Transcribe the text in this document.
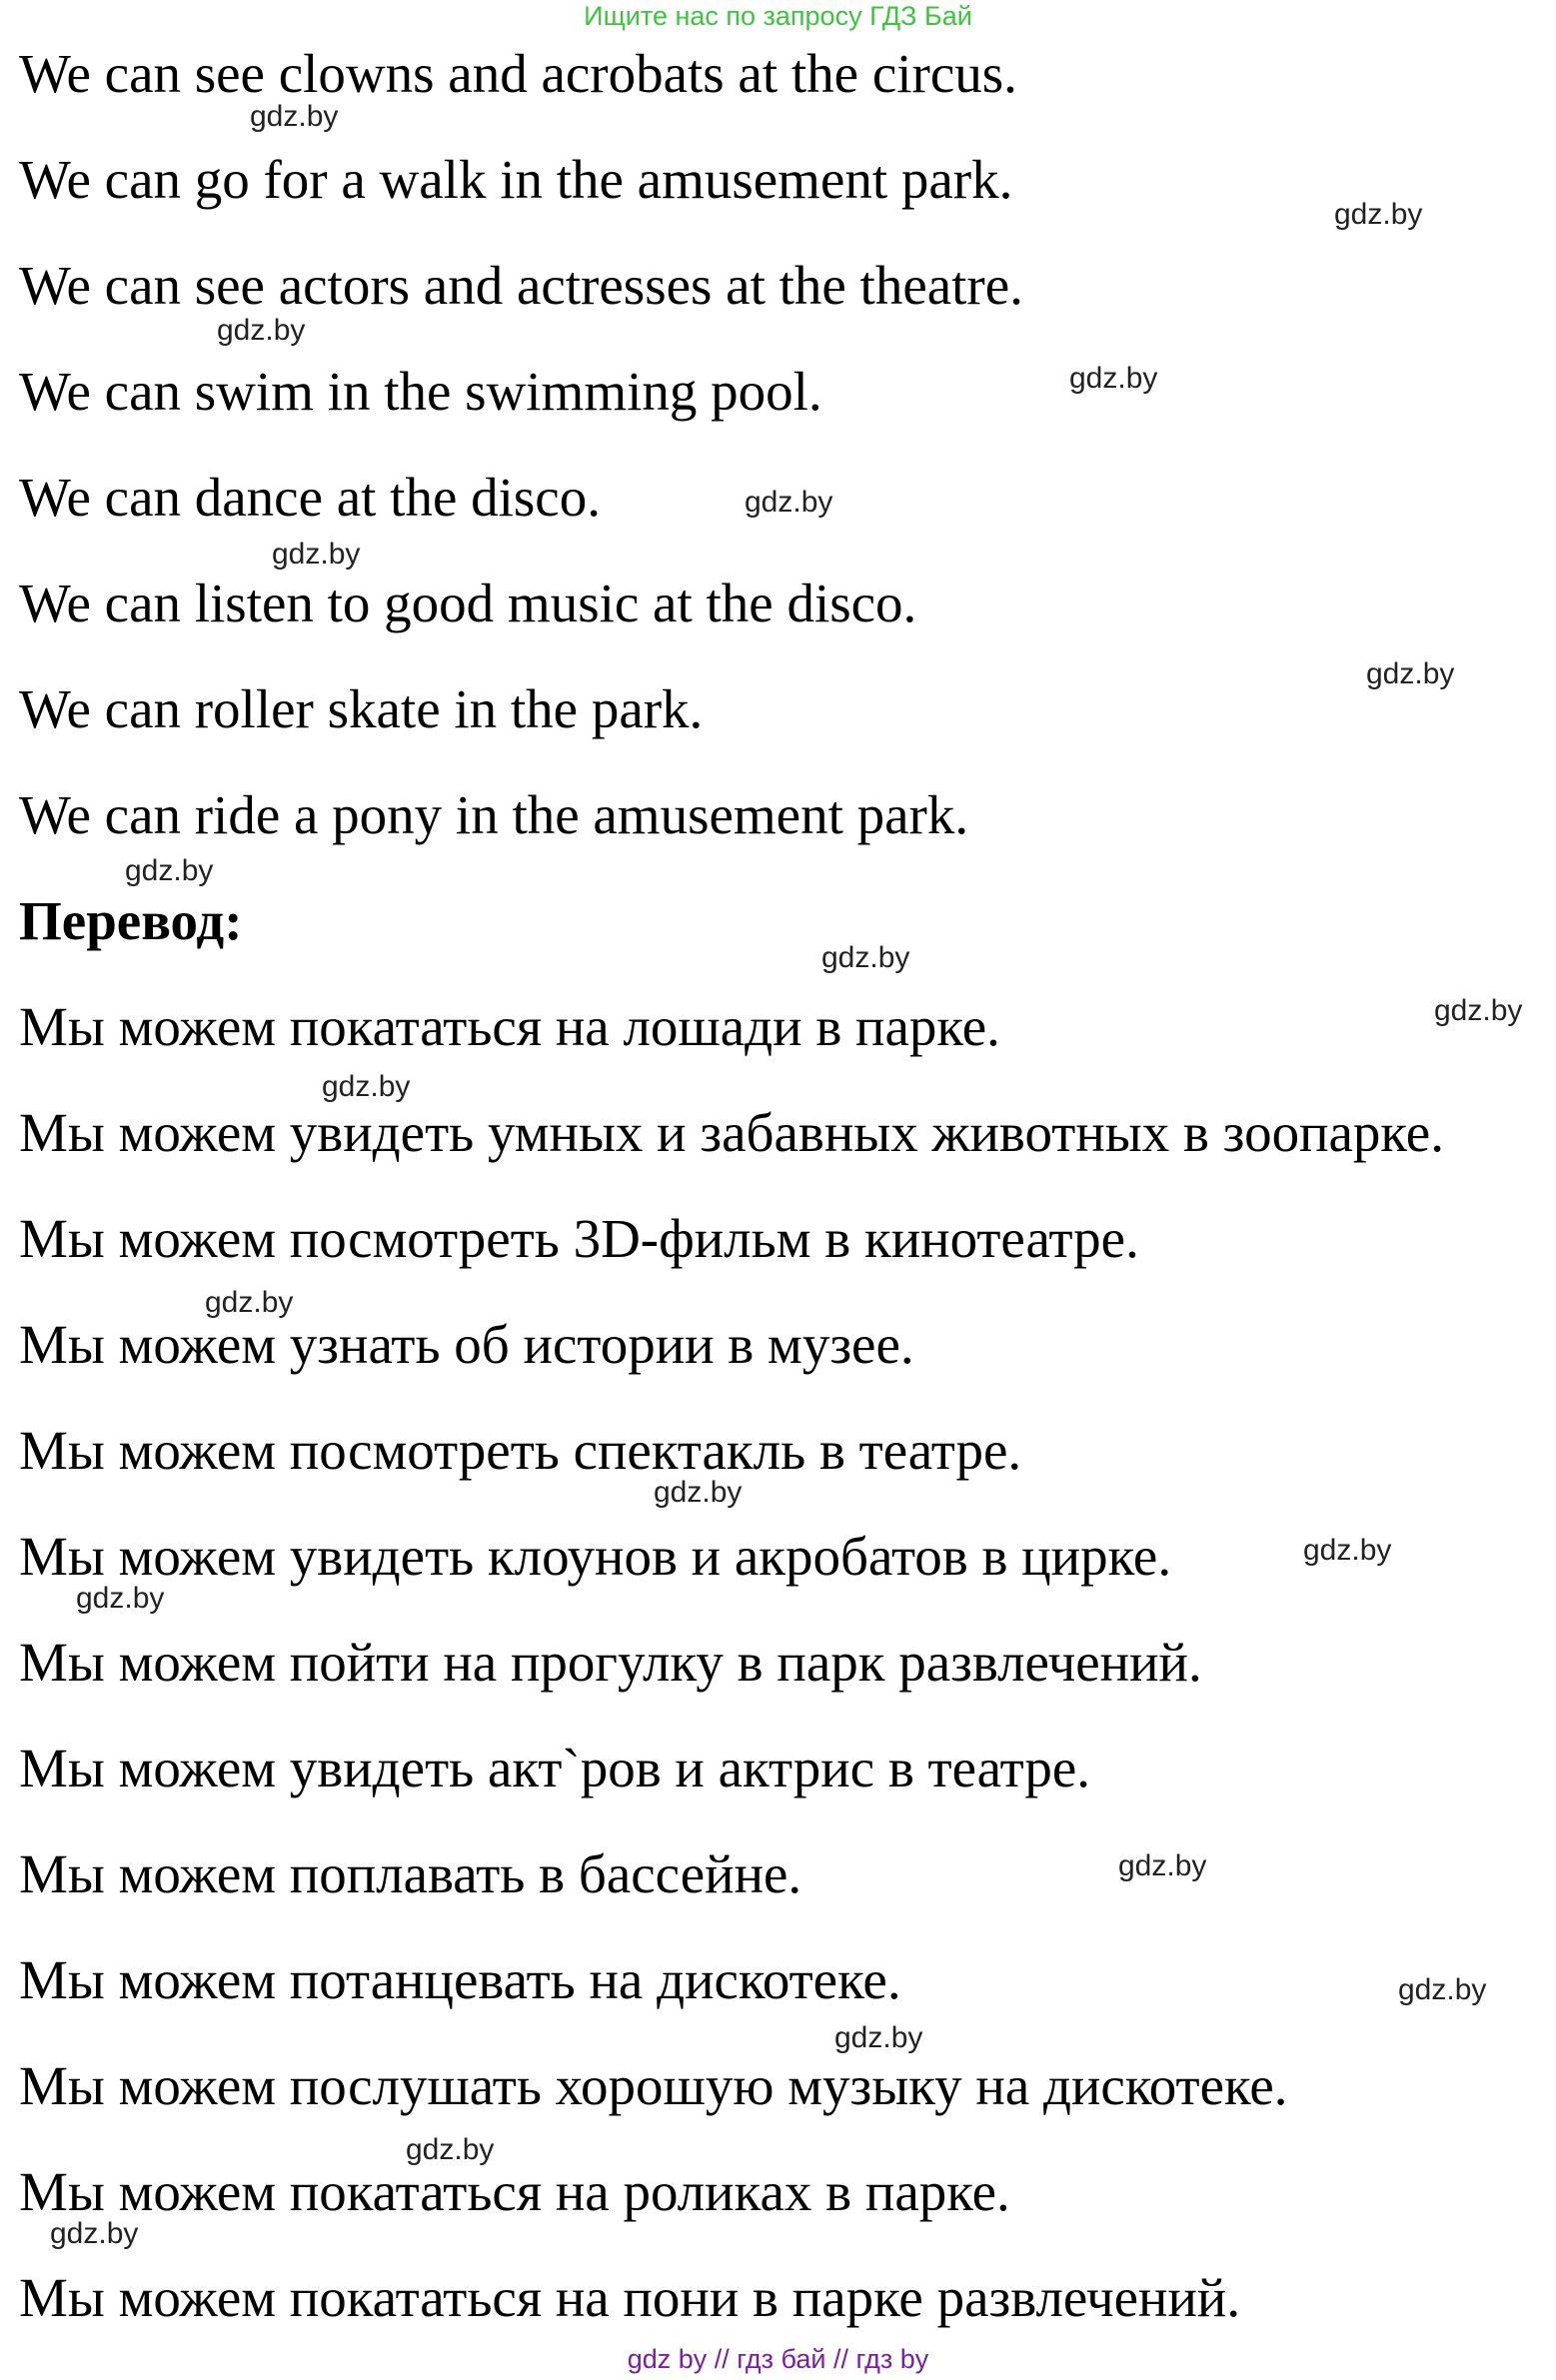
Ищите нас по запросу ГДЗ Бай
We can see clowns and acrobats at the circus.
We can go for a walk in the amusement park.
We can see actors and actresses at the theatre.
We can swim in the swimming pool.
We can dance at the disco.
We can listen to good music at the disco.
We can roller skate in the park.
We can ride a pony in the amusement park.
Перевод:
Мы можем покататься на лошади в парке.
Мы можем увидеть умных и забавных животных в зоопарке.
Мы можем посмотреть 3D-фильм в кинотеатре.
Мы можем узнать об истории в музее.
Мы можем посмотреть спектакль в театре.
Мы можем увидеть клоунов и акробатов в цирке.
Мы можем пойти на прогулку в парк развлечений.
Мы можем увидеть акт`ров и актрис в театре.
Мы можем поплавать в бассейне.
Мы можем потанцевать на дискотеке.
Мы можем послушать хорошую музыку на дискотеке.
Мы можем покататься на роликах в парке.
Мы можем покататься на пони в парке развлечений.
gdz.by
gdz.by
gdz.by
gdz.by
gdz.by
gdz.by
gdz.by
gdz.by
gdz.by
gdz.by
gdz.by
gdz.by
gdz.by
gdz.by
gdz.by
gdz.by
gdz.by
gdz.by
gdz.by
gdz.by
gdz by // гдз бай // гдз by
